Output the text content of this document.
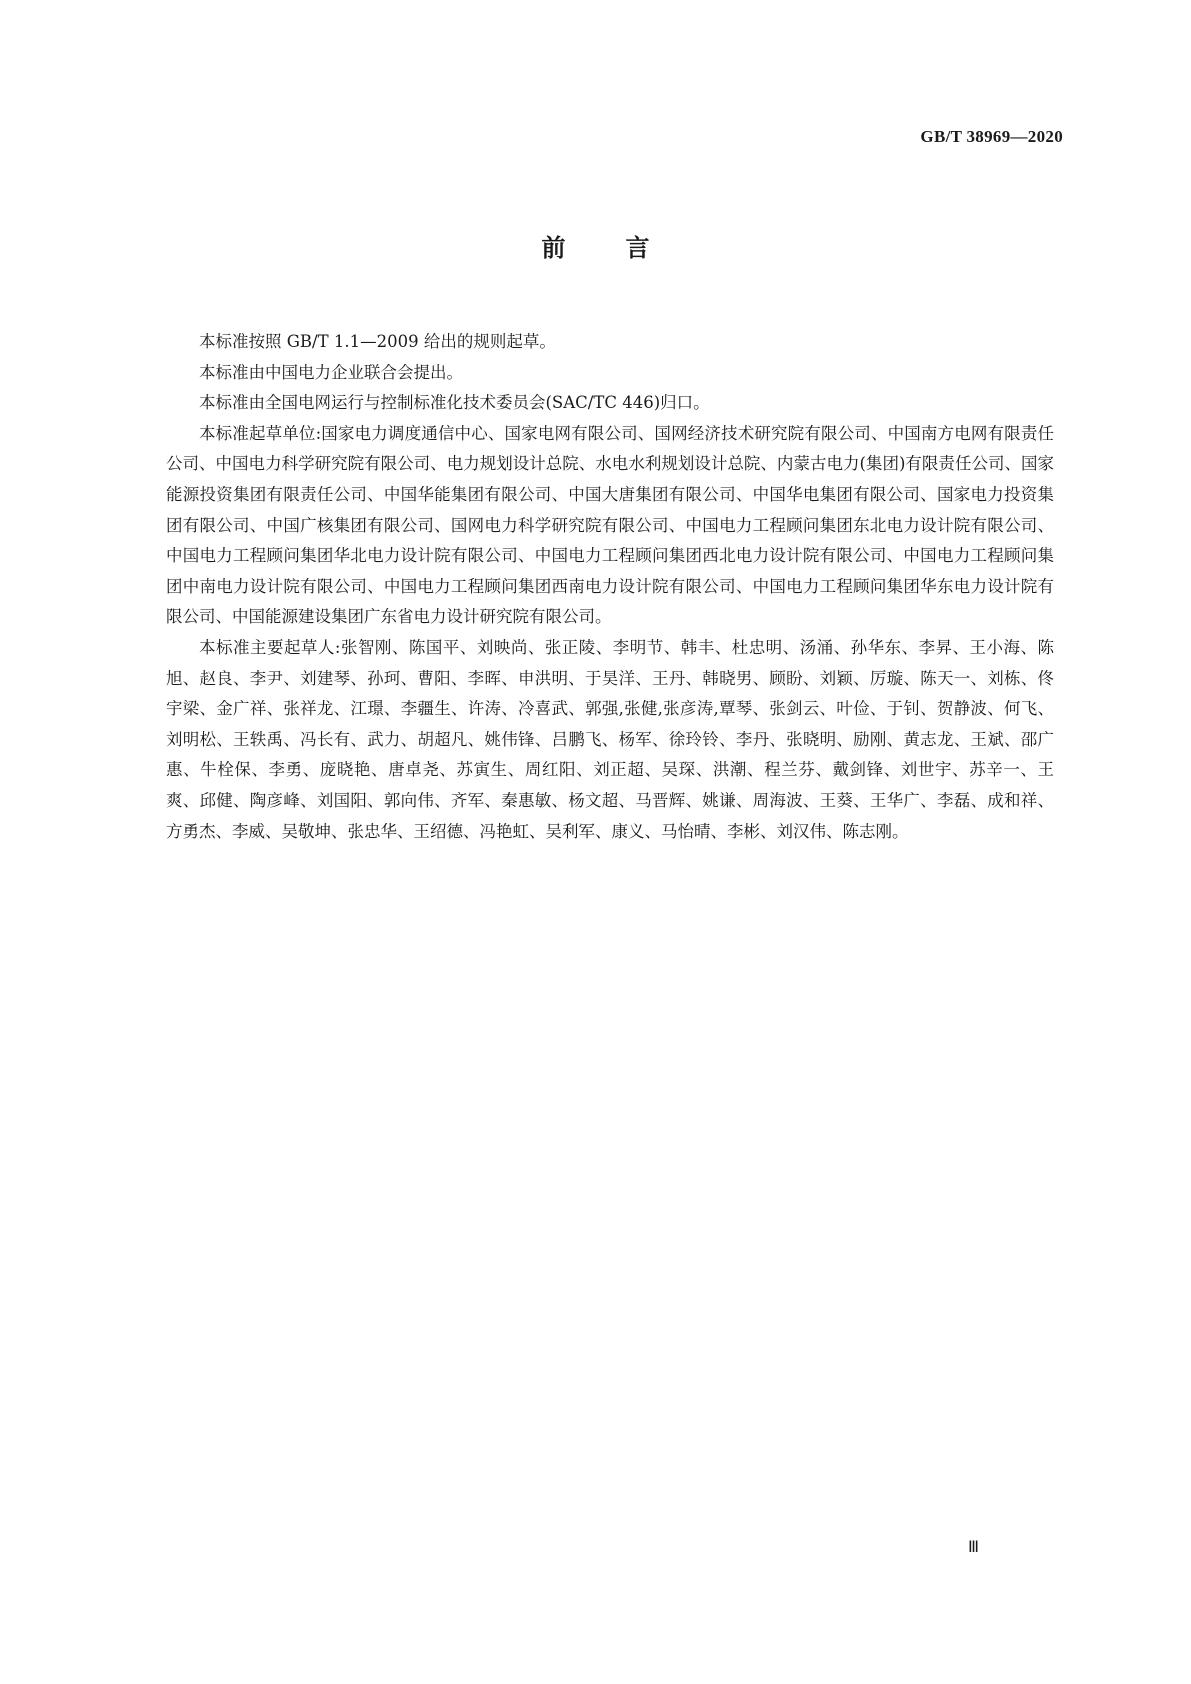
GB/T 38969—2020
前	言

本标准按照 GB/T 1.1—2009 给出的规则起草。

本标准由中国电力企业联合会提出。

本标准由全国电网运行与控制标准化技术委员会(SAC/TC 446)归口。

本标准起草单位:国家电力调度通信中心、国家电网有限公司、国网经济技术研究院有限公司、中国南方电网有限责任公司、中国电力科学研究院有限公司、电力规划设计总院、水电水利规划设计总院、内蒙古电力(集团)有限责任公司、国家能源投资集团有限责任公司、中国华能集团有限公司、中国大唐集团有限公司、中国华电集团有限公司、国家电力投资集团有限公司、中国广核集团有限公司、国网电力科学研究院有限公司、中国电力工程顾问集团东北电力设计院有限公司、中国电力工程顾问集团华北电力设计院有限公司、中国电力工程顾问集团西北电力设计院有限公司、中国电力工程顾问集团中南电力设计院有限公司、中国电力工程顾问集团西南电力设计院有限公司、中国电力工程顾问集团华东电力设计院有限公司、中国能源建设集团广东省电力设计研究院有限公司。

本标准主要起草人:张智刚、陈国平、刘映尚、张正陵、李明节、韩丰、杜忠明、汤涌、孙华东、李昇、王小海、陈旭、赵良、李尹、刘建琴、孙珂、曹阳、李晖、申洪明、于昊洋、王丹、韩晓男、顾盼、刘颖、厉璇、陈天一、刘栋、佟宇梁、金广祥、张祥龙、江璟、李疆生、许涛、冷喜武、郭强,张健,张彦涛,覃琴、张剑云、叶俭、于钊、贺静波、何飞、刘明松、王轶禹、冯长有、武力、胡超凡、姚伟锋、吕鹏飞、杨军、徐玲铃、李丹、张晓明、励刚、黄志龙、王斌、邵广惠、牛栓保、李勇、庞晓艳、唐卓尧、苏寅生、周红阳、刘正超、吴琛、洪潮、程兰芬、戴剑锋、刘世宇、苏辛一、王爽、邱健、陶彦峰、刘国阳、郭向伟、齐军、秦惠敏、杨文超、马晋辉、姚谦、周海波、王葵、王华广、李磊、成和祥、方勇杰、李威、吴敬坤、张忠华、王绍德、冯艳虹、吴利军、康义、马怡晴、李彬、刘汉伟、陈志刚。

Ⅲ
